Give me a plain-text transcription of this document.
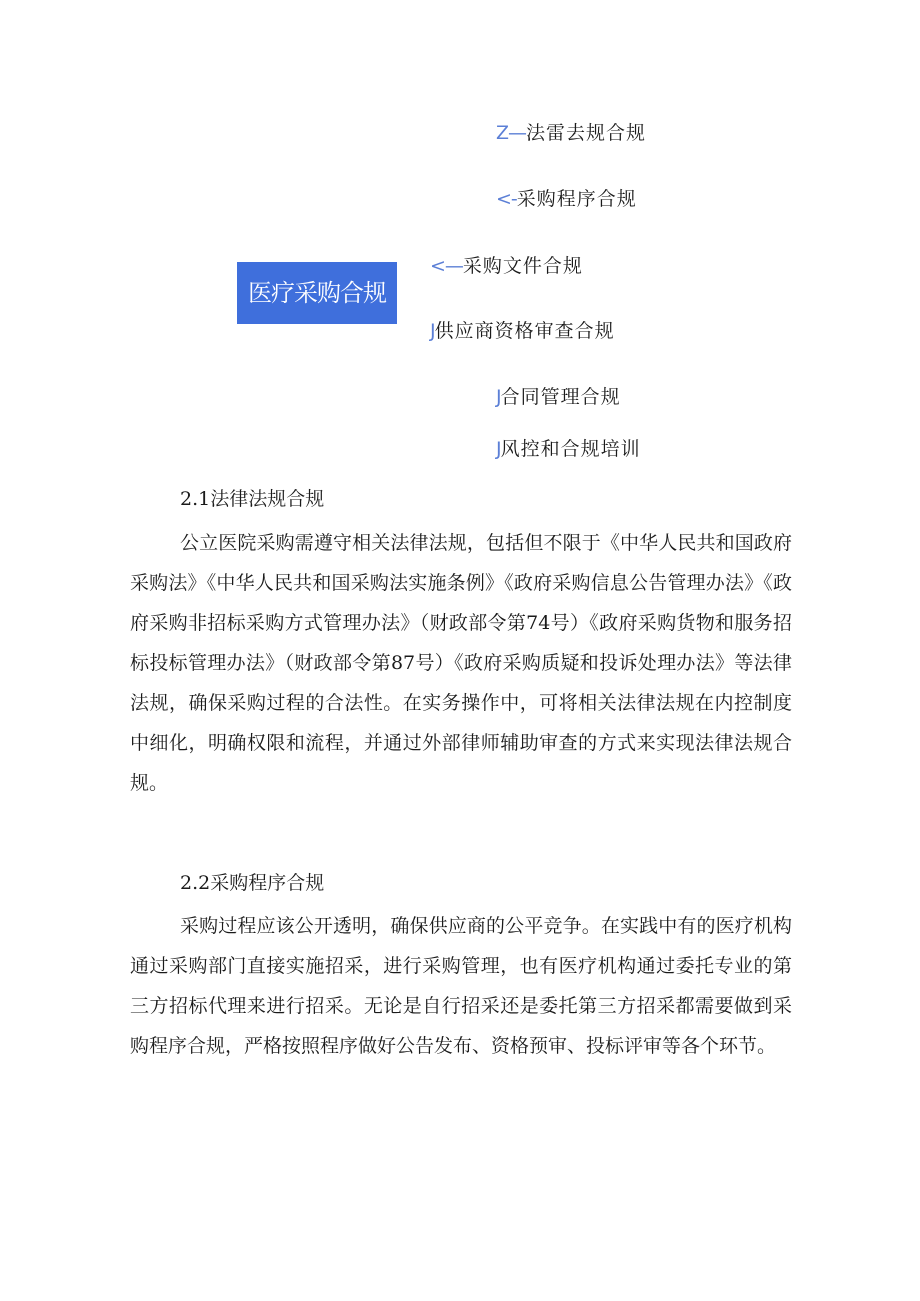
医疗采购合规
Z—法雷去规合规
<-采购程序合规
<—采购文件合规
J供应商资格审查合规
J合同管理合规
J风控和合规培训
2.1法律法规合规

公立医院采购需遵守相关法律法规，包括但不限于《中华人民共和国政府采购法》《中华人民共和国采购法实施条例》《政府采购信息公告管理办法》《政府采购非招标采购方式管理办法》（财政部令第74号）《政府采购货物和服务招标投标管理办法》（财政部令第87号）《政府采购质疑和投诉处理办法》等法律法规，确保采购过程的合法性。在实务操作中，可将相关法律法规在内控制度中细化，明确权限和流程，并通过外部律师辅助审查的方式来实现法律法规合规。

2.2采购程序合规

采购过程应该公开透明，确保供应商的公平竞争。在实践中有的医疗机构通过采购部门直接实施招采，进行采购管理，也有医疗机构通过委托专业的第三方招标代理来进行招采。无论是自行招采还是委托第三方招采都需要做到采购程序合规，严格按照程序做好公告发布、资格预审、投标评审等各个环节。
